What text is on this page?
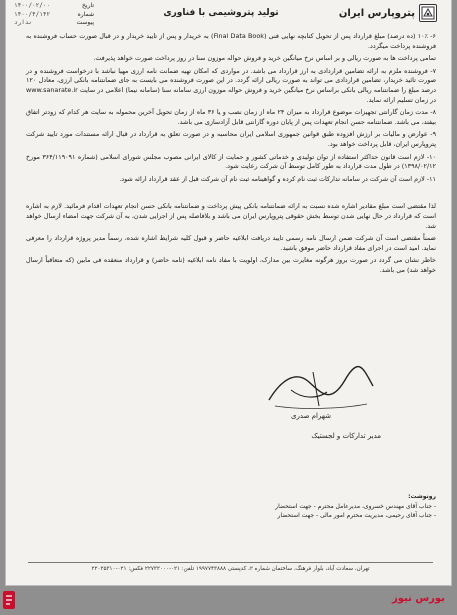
تاریخ
۱۴۰۰/۰۲/۰۰
شماره
۱۴۰۰/۴/۱۴۲
پیوست
ندارد
تولید پتروشیمی با فناوری	پتروپارس ایران

۶- ۱۰٪ (ده درصد) مبلغ قرارداد پس از تحویل کتابچه نهایی فنی (Final Data Book) به خریدار و پس از تایید خریدار و در قبال صورت حساب فروشنده به فروشنده پرداخت میگردد.

تمامی پرداخت ها به صورت ریالی و بر اساس نرخ میانگین خرید و فروش حواله موزون سنا در روز پرداخت صورت خواهد پذیرفت.

۷- فروشنده ملزم به ارائه تضامین قراردادی به ارز قرارداد می باشد. در مواردی که امکان تهیه ضمانت نامه ارزی مهیا نباشد با درخواست فروشنده و در صورت تائید خریدار، تضامین قراردادی می تواند به صورت ریالی ارائه گردد. در این صورت فروشنده می بایست به جای ضمانتنامه بانکی ارزی، معادل ۱۲۰ درصد مبلغ را ضمانتنامه ریالی بانکی براساس نرخ میانگین خرید و فروش حواله موزون ارزی سامانه سنا (سامانه نیما) اعلامی در سایت www.sanarate.ir در زمان تسلیم ارائه نماید.

۸- مدت زمان گارانتی تجهیزات موضوع قرارداد به میزان ۲۴ ماه از زمان نصب و یا ۳۶ ماه از زمان تحویل آخرین محموله به سایت هر کدام که زودتر اتفاق بیفتد، می باشد. ضمانتنامه حسن انجام تعهدات پس از پایان دوره گارانتی قابل آزادسازی می باشد.

۹- عوارض و مالیات بر ارزش افزوده طبق قوانین جمهوری اسلامی ایران محاسبه و در صورت تعلق به قرارداد در قبال ارائه مستندات مورد تایید شرکت پتروپارس ایران، قابل پرداخت خواهد بود.

۱۰- لازم است قانون حداکثر استفاده از توان تولیدی و خدماتی کشور و حمایت از کالای ایرانی مصوب مجلس شورای اسلامی (شماره ۳۶۴/۱۱۹۰۹۱ مورخ ۱۳۹۸/۰۲/۱۲) در طول مدت قرارداد به طور کامل توسط آن شرکت رعایت شود.

۱۱- لازم است آن شرکت در سامانه تدارکات ثبت نام کرده و گواهینامه ثبت نام آن شرکت قبل از عقد قرارداد ارائه شود.

لذا مقتضی است مبلغ مقادیر اشاره شده نسبت به ارائه ضمانتنامه بانکی پیش پرداخت و ضمانتنامه بانکی حسن انجام تعهدات اقدام فرمائید. لازم به اشاره است که قرارداد در حال نهایی شدن توسط بخش حقوقی پتروپارس ایران می باشد و بلافاصله پس از اجرایی شدن، به آن شرکت جهت امضاء ارسال خواهد شد.

ضمناً مقتضی است آن شرکت ضمن ارسال نامه رسمی تایید دریافت ابلاغیه حاضر و قبول کلیه شرایط اشاره شده، رسماً مدیر پروژه قرارداد را معرفی نماید. امید است در اجرای مفاد قرارداد حاضر موفق باشید.

خاطر نشان می گردد در صورت بروز هرگونه مغایرت بین مدارک، اولویت با مفاد نامه ابلاغیه (نامه حاضر) و قرارداد منعقده فی مابین (که متعاقباً ارسال خواهد شد) می باشد.

شهرام صدری
مدیر تدارکات و لجستیک
رونوشت:
- جناب آقای مهندس خسروی، مدیرعامل محترم - جهت استحضار
- جناب آقای رحیمی، مدیریت محترم امور مالی - جهت استحضار
تهران، سعادت آباد، بلوار فرهنگ، ساختمان شماره ۲، کدپستی ۱۹۹۷۷۴۳۸۸۸ تلفن: ۰۲۱-۲۲۷۳۲۰۰۰ فکس: ۰۲۱-۲۲۰۲۵۳۱۰
بورس نیوز
